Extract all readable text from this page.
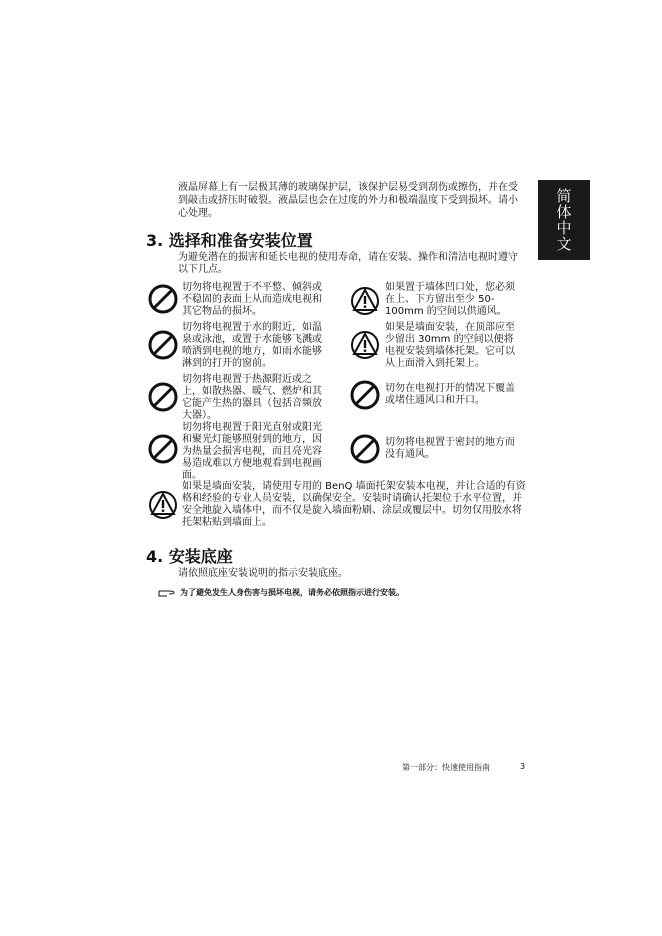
简体中文
液晶屏幕上有一层极其薄的玻璃保护层，该保护层易受到刮伤或擦伤，并在受到敲击或挤压时破裂。液晶层也会在过度的外力和极端温度下受到损坏。请小心处理。
3. 选择和准备安装位置
为避免潜在的损害和延长电视的使用寿命，请在安装、操作和清洁电视时遵守以下几点。
切勿将电视置于不平整、倾斜或不稳固的表面上从而造成电视和其它物品的损坏。
切勿将电视置于水的附近，如温泉或泳池，或置于水能够飞溅或喷洒到电视的地方，如雨水能够淋到的打开的窗前。
切勿将电视置于热源附近或之上，如散热器、暖气、燃炉和其它能产生热的器具（包括音频放大器）。
切勿将电视置于阳光直射或阳光和聚光灯能够照射到的地方，因为热量会损害电视，而且亮光容易造成难以方便地观看到电视画面。
如果置于墙体凹口处，您必须在上、下方留出至少 50-100mm 的空间以供通风。
如果是墙面安装，在顶部应至少留出 30mm 的空间以便将电视安装到墙体托架。它可以从上面滑入到托架上。
切勿在电视打开的情况下覆盖或堵住通风口和开口。
切勿将电视置于密封的地方而没有通风。
如果是墙面安装，请使用专用的 BenQ 墙面托架安装本电视，并让合适的有资格和经验的专业人员安装，以确保安全。安装时请确认托架位于水平位置，并安全地旋入墙体中，而不仅是旋入墙面粉刷、涂层或覆层中。切勿仅用胶水将托架粘贴到墙面上。
4. 安装底座
请依照底座安装说明的指示安装底座。
为了避免发生人身伤害与损坏电视，请务必依照指示进行安装。
第一部分：快速使用指南	3
